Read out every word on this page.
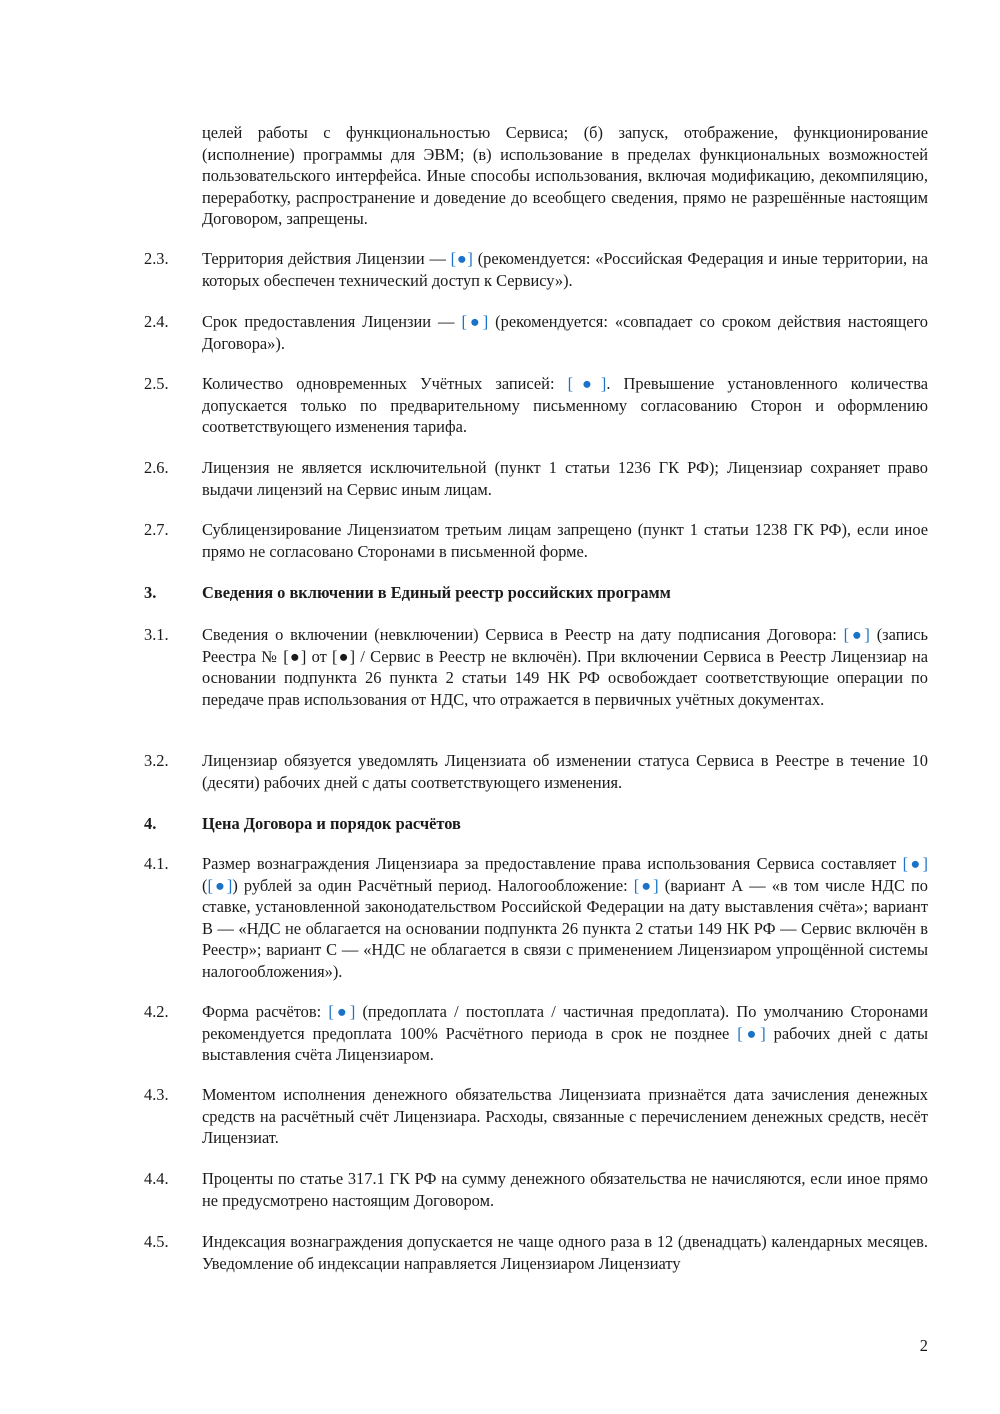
целей работы с функциональностью Сервиса; (б) запуск, отображение, функционирование (исполнение) программы для ЭВМ; (в) использование в пределах функциональных возможностей пользовательского интерфейса. Иные способы использования, включая модификацию, декомпиляцию, переработку, распространение и доведение до всеобщего сведения, прямо не разрешённые настоящим Договором, запрещены.
2.3.	Территория действия Лицензии — [●] (рекомендуется: «Российская Федерация и иные территории, на которых обеспечен технический доступ к Сервису»).
2.4.	Срок предоставления Лицензии — [●] (рекомендуется: «совпадает со сроком действия настоящего Договора»).
2.5.	Количество одновременных Учётных записей: [●]. Превышение установленного количества допускается только по предварительному письменному согласованию Сторон и оформлению соответствующего изменения тарифа.
2.6.	Лицензия не является исключительной (пункт 1 статьи 1236 ГК РФ); Лицензиар сохраняет право выдачи лицензий на Сервис иным лицам.
2.7.	Сублицензирование Лицензиатом третьим лицам запрещено (пункт 1 статьи 1238 ГК РФ), если иное прямо не согласовано Сторонами в письменной форме.
3.	Сведения о включении в Единый реестр российских программ
3.1.	Сведения о включении (невключении) Сервиса в Реестр на дату подписания Договора: [●] (запись Реестра № [●] от [●] / Сервис в Реестр не включён). При включении Сервиса в Реестр Лицензиар на основании подпункта 26 пункта 2 статьи 149 НК РФ освобождает соответствующие операции по передаче прав использования от НДС, что отражается в первичных учётных документах.
3.2.	Лицензиар обязуется уведомлять Лицензиата об изменении статуса Сервиса в Реестре в течение 10 (десяти) рабочих дней с даты соответствующего изменения.
4.	Цена Договора и порядок расчётов
4.1.	Размер вознаграждения Лицензиара за предоставление права использования Сервиса составляет [●] ([●]) рублей за один Расчётный период. Налогообложение: [●] (вариант А — «в том числе НДС по ставке, установленной законодательством Российской Федерации на дату выставления счёта»; вариант В — «НДС не облагается на основании подпункта 26 пункта 2 статьи 149 НК РФ — Сервис включён в Реестр»; вариант С — «НДС не облагается в связи с применением Лицензиаром упрощённой системы налогообложения»).
4.2.	Форма расчётов: [●] (предоплата / постоплата / частичная предоплата). По умолчанию Сторонами рекомендуется предоплата 100% Расчётного периода в срок не позднее [●] рабочих дней с даты выставления счёта Лицензиаром.
4.3.	Моментом исполнения денежного обязательства Лицензиата признаётся дата зачисления денежных средств на расчётный счёт Лицензиара. Расходы, связанные с перечислением денежных средств, несёт Лицензиат.
4.4.	Проценты по статье 317.1 ГК РФ на сумму денежного обязательства не начисляются, если иное прямо не предусмотрено настоящим Договором.
4.5.	Индексация вознаграждения допускается не чаще одного раза в 12 (двенадцать) календарных месяцев. Уведомление об индексации направляется Лицензиаром Лицензиату
2
